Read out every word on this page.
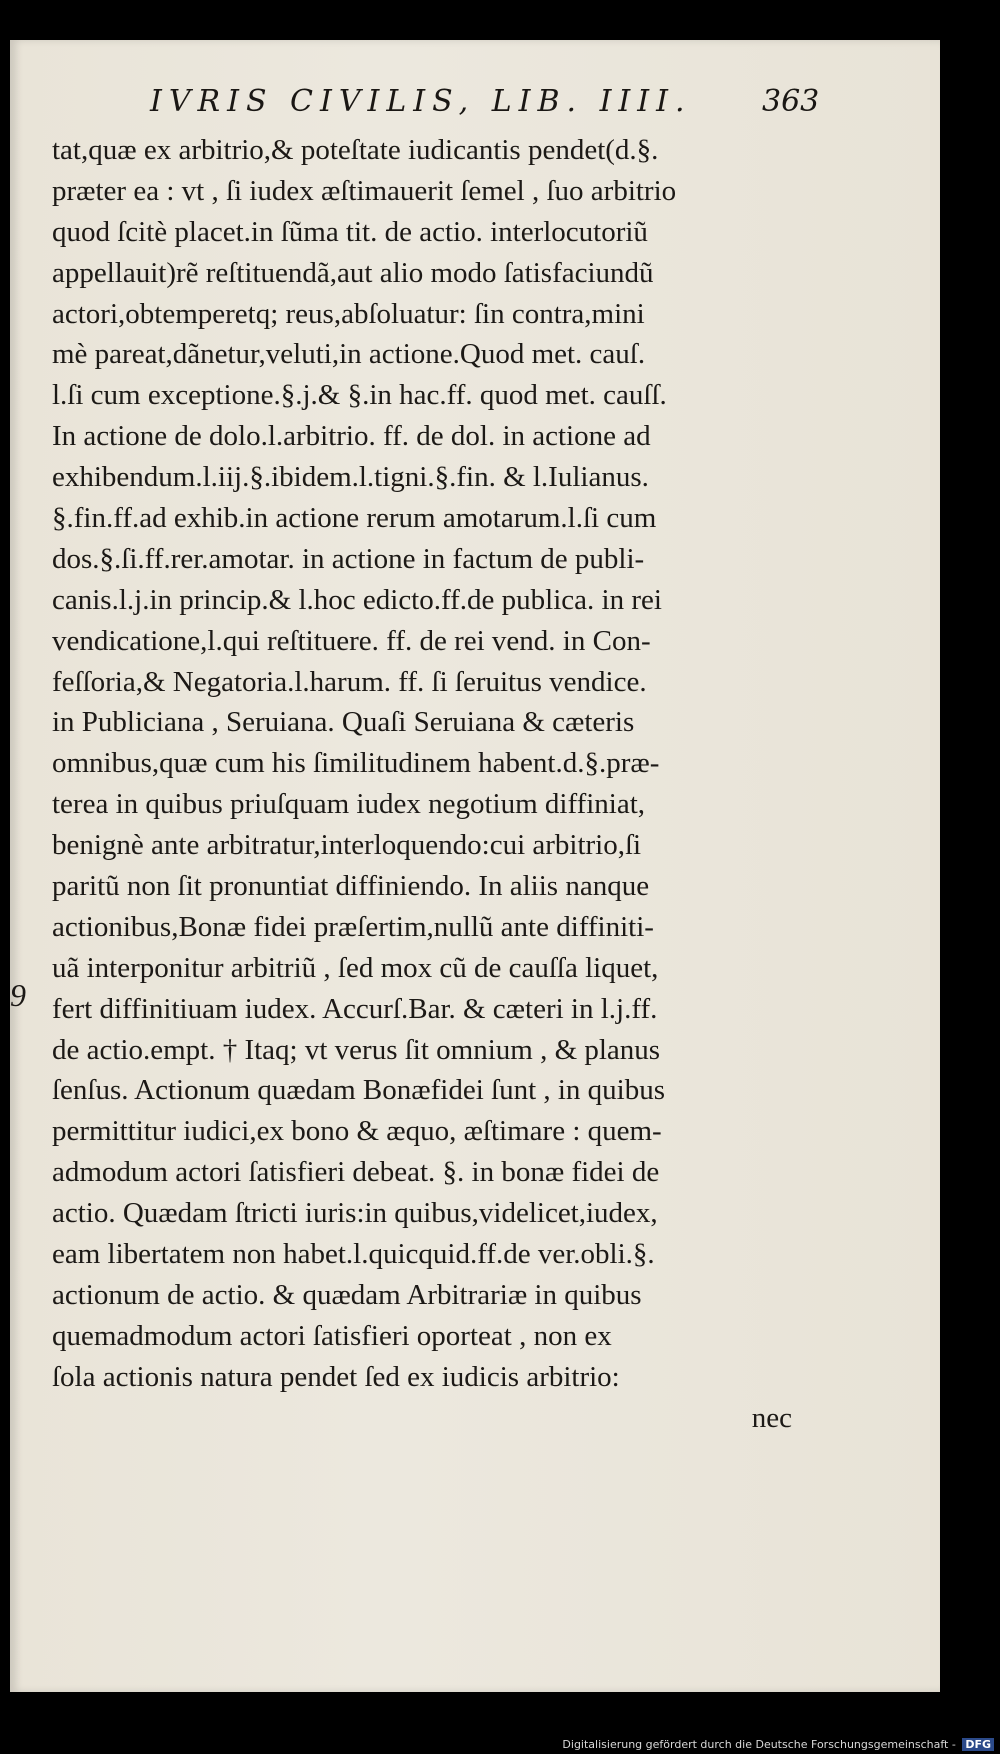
IVRIS CIVILIS, LIB. IIII.	363
9
tat,quæ ex arbitrio,& poteſtate iudicantis pendet(d.§.
præter ea : vt , ſi iudex æſtimauerit ſemel , ſuo arbitrio
quod ſcitè placet.in ſũma tit. de actio. interlocutoriũ
appellauit)rẽ reſtituendã,aut alio modo ſatisfaciundũ
actori,obtemperetq; reus,abſoluatur: ſin contra,mini
mè pareat,dãnetur,veluti,in actione.Quod met. cauſ.
l.ſi cum exceptione.§.j.& §.in hac.ff. quod met. cauſſ.
In actione de dolo.l.arbitrio. ff. de dol. in actione ad
exhibendum.l.iij.§.ibidem.l.tigni.§.fin. & l.Iulianus.
§.fin.ff.ad exhib.in actione rerum amotarum.l.ſi cum
dos.§.ſi.ff.rer.amotar. in actione in factum de publi-
canis.l.j.in princip.& l.hoc edicto.ff.de publica. in rei
vendicatione,l.qui reſtituere. ff. de rei vend. in Con-
feſſoria,& Negatoria.l.harum. ff. ſi ſeruitus vendice.
in Publiciana , Seruiana. Quaſi Seruiana & cæteris
omnibus,quæ cum his ſimilitudinem habent.d.§.præ-
terea in quibus priuſquam iudex negotium diffiniat,
benignè ante arbitratur,interloquendo:cui arbitrio,ſi
paritũ non ſit pronuntiat diffiniendo. In aliis nanque
actionibus,Bonæ fidei præſertim,nullũ ante diffiniti-
uã interponitur arbitriũ , ſed mox cũ de cauſſa liquet,
fert diffinitiuam iudex. Accurſ.Bar. & cæteri in l.j.ff.
de actio.empt. † Itaq; vt verus ſit omnium , & planus
ſenſus. Actionum quædam Bonæfidei ſunt , in quibus
permittitur iudici,ex bono & æquo, æſtimare : quem-
admodum actori ſatisfieri debeat. §. in bonæ fidei de
actio. Quædam ſtricti iuris:in quibus,videlicet,iudex,
eam libertatem non habet.l.quicquid.ff.de ver.obli.§.
actionum de actio. & quædam Arbitrariæ in quibus
quemadmodum actori ſatisfieri oporteat , non ex
ſola actionis natura pendet ſed ex iudicis arbitrio:
nec
Digitalisierung gefördert durch die Deutsche Forschungsgemeinschaft - DFG
